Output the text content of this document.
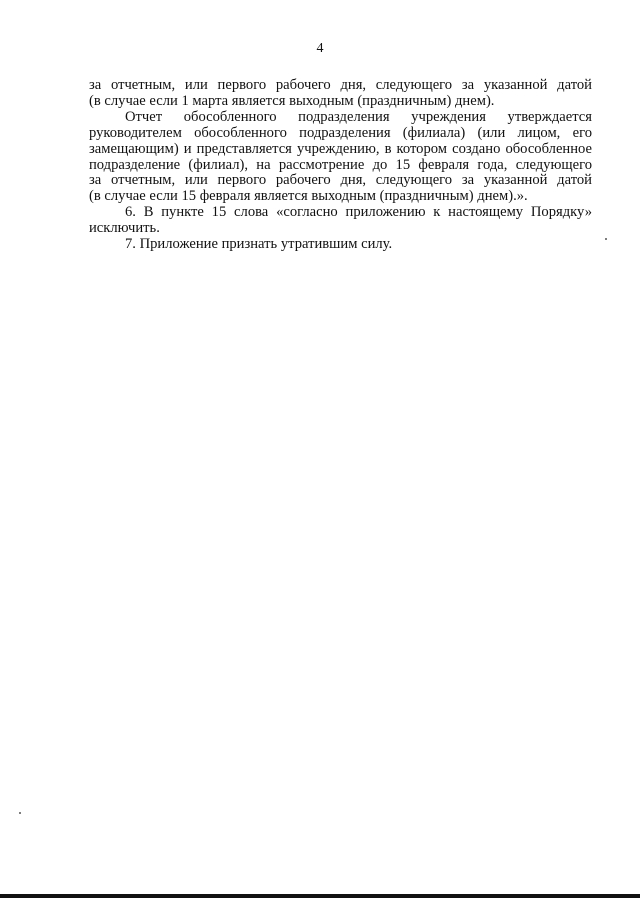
4
за отчетным, или первого рабочего дня, следующего за указанной датой
(в случае если 1 марта является выходным (праздничным) днем).
Отчет обособленного подразделения учреждения утверждается
руководителем обособленного подразделения (филиала) (или лицом, его
замещающим) и представляется учреждению, в котором создано обособленное
подразделение (филиал), на рассмотрение до 15 февраля года, следующего
за отчетным, или первого рабочего дня, следующего за указанной датой
(в случае если 15 февраля является выходным (праздничным) днем).».
6. В пункте 15 слова «согласно приложению к настоящему Порядку»
исключить.
7. Приложение признать утратившим силу.
